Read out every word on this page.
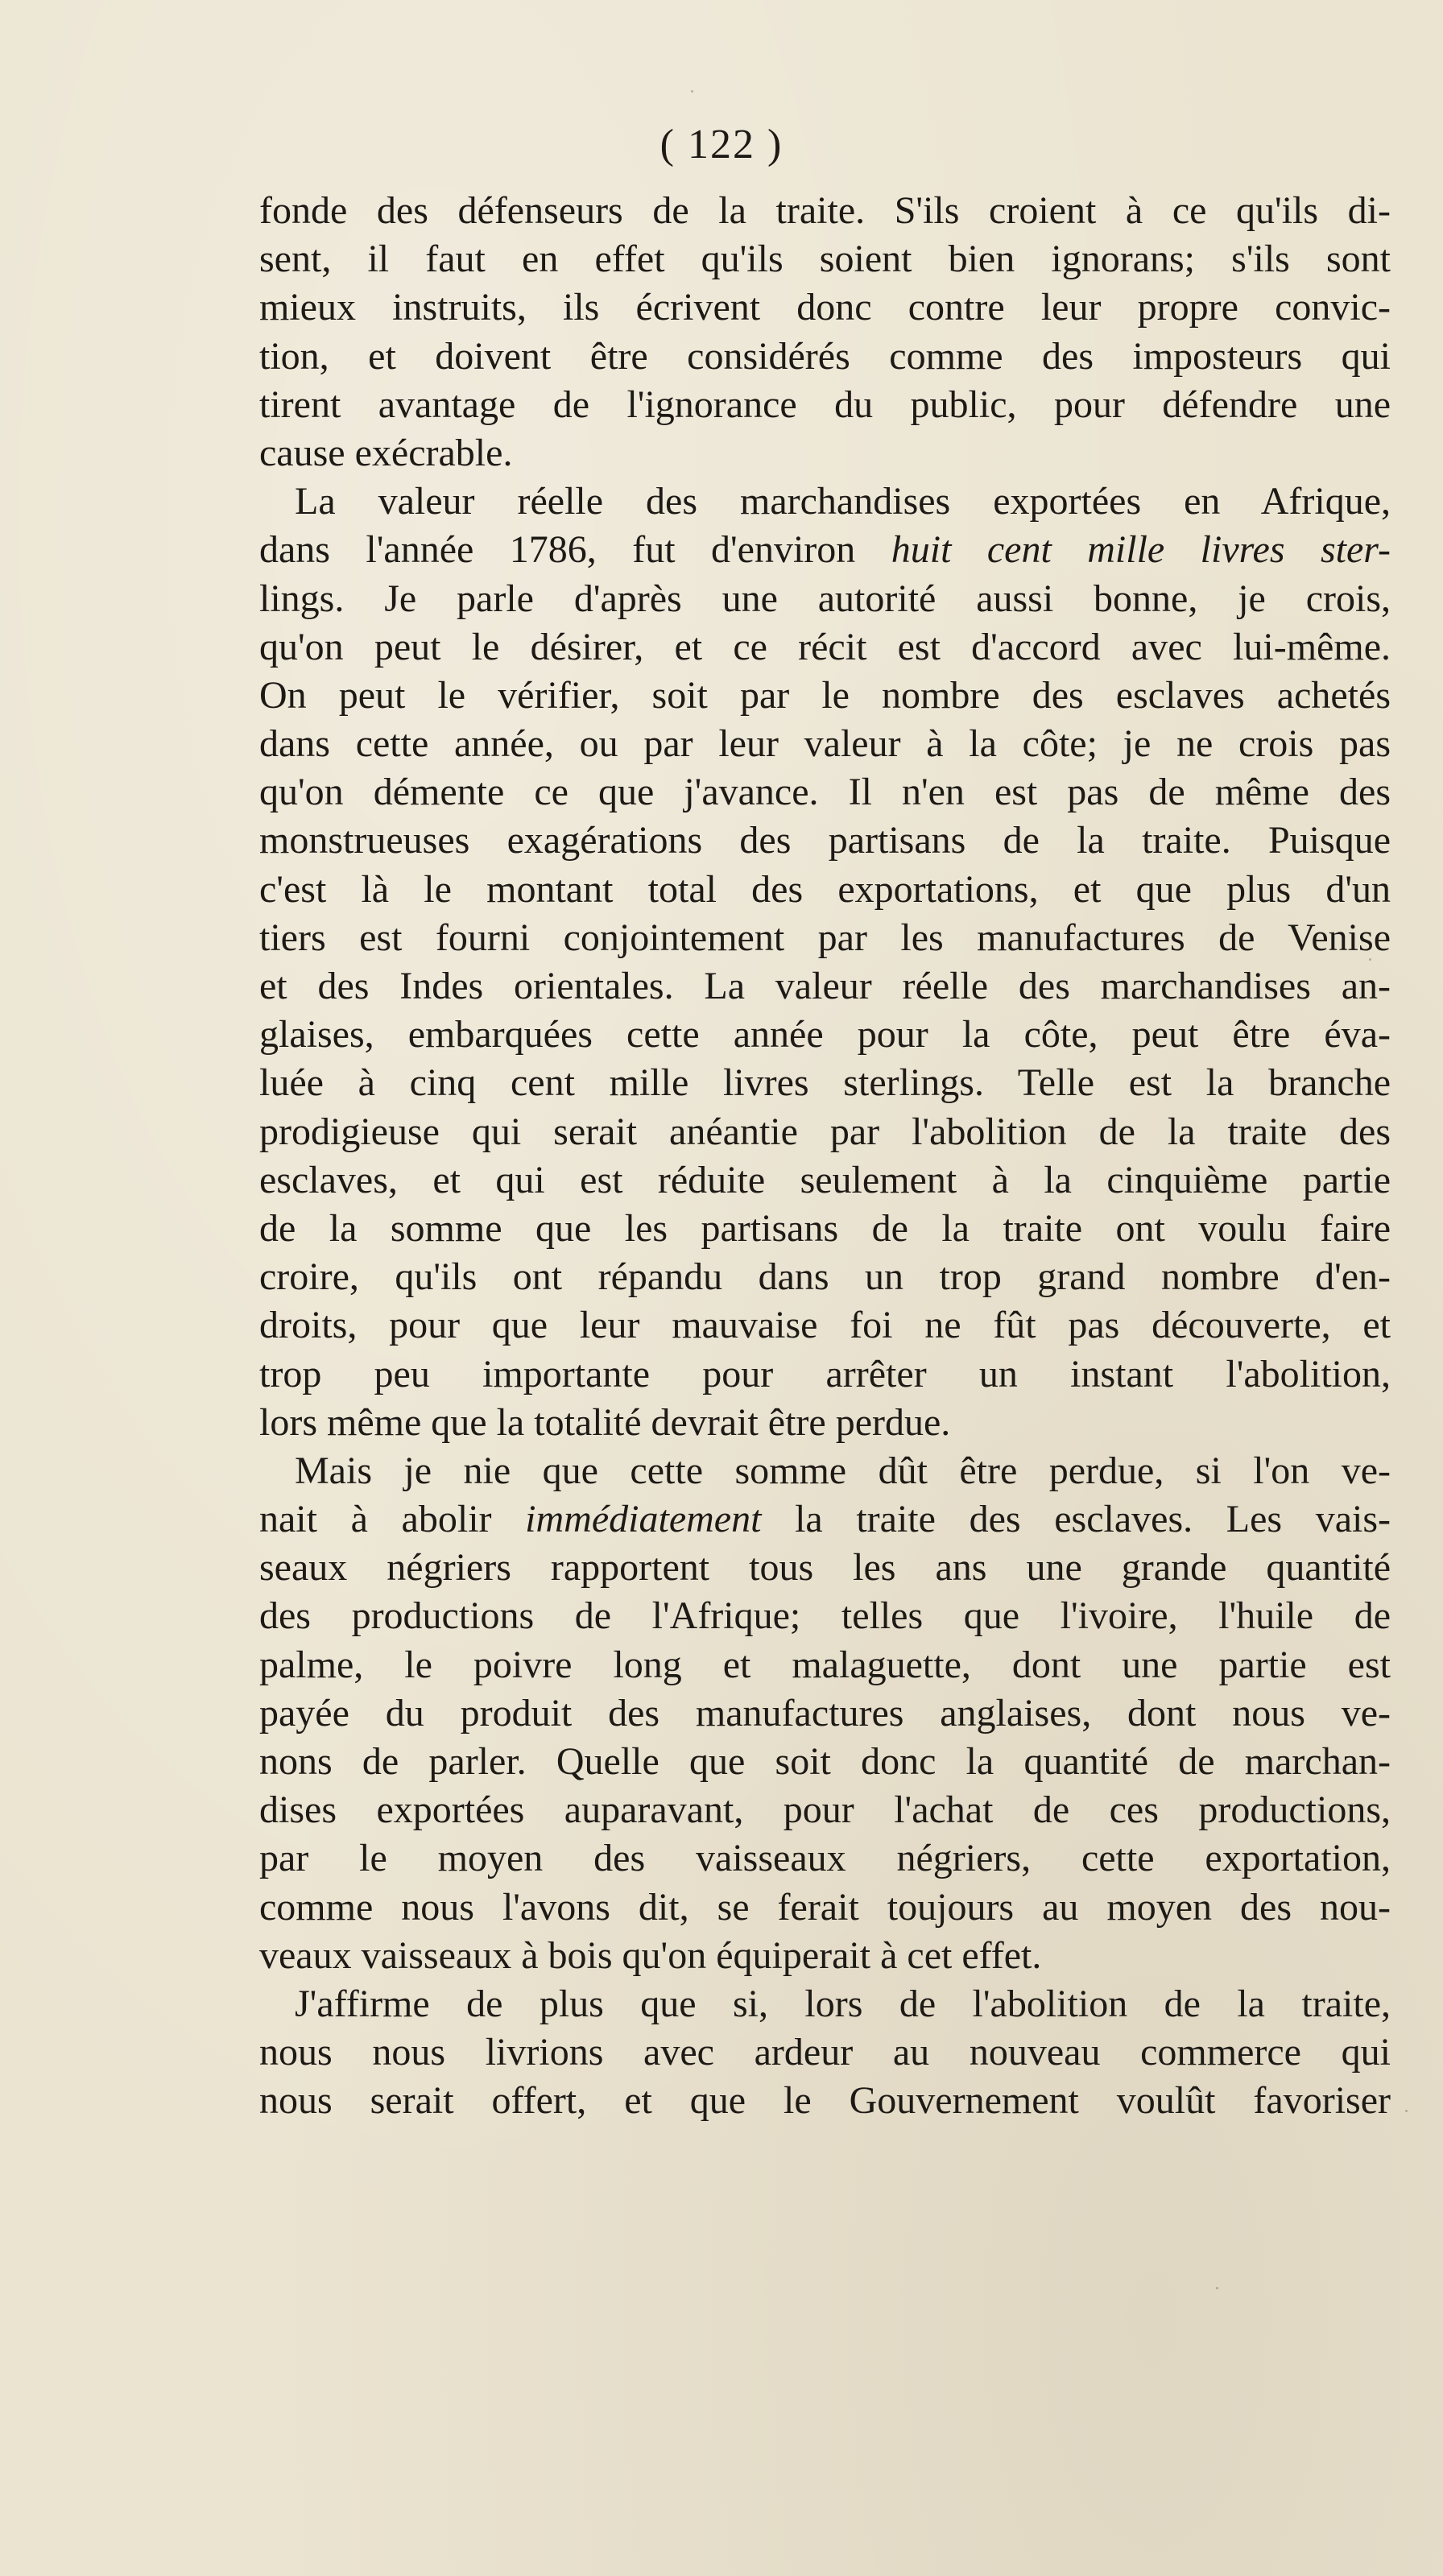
( 122 )
fonde des défenseurs de la traite. S'ils croient à ce qu'ils di-
sent, il faut en effet qu'ils soient bien ignorans; s'ils sont
mieux instruits, ils écrivent donc contre leur propre convic-
tion, et doivent être considérés comme des imposteurs qui
tirent avantage de l'ignorance du public, pour défendre une
cause exécrable.
La valeur réelle des marchandises exportées en Afrique,
dans l'année 1786, fut d'environ huit cent mille livres ster-
lings. Je parle d'après une autorité aussi bonne, je crois,
qu'on peut le désirer, et ce récit est d'accord avec lui-même.
On peut le vérifier, soit par le nombre des esclaves achetés
dans cette année, ou par leur valeur à la côte; je ne crois pas
qu'on démente ce que j'avance. Il n'en est pas de même des
monstrueuses exagérations des partisans de la traite. Puisque
c'est là le montant total des exportations, et que plus d'un
tiers est fourni conjointement par les manufactures de Venise
et des Indes orientales. La valeur réelle des marchandises an-
glaises, embarquées cette année pour la côte, peut être éva-
luée à cinq cent mille livres sterlings. Telle est la branche
prodigieuse qui serait anéantie par l'abolition de la traite des
esclaves, et qui est réduite seulement à la cinquième partie
de la somme que les partisans de la traite ont voulu faire
croire, qu'ils ont répandu dans un trop grand nombre d'en-
droits, pour que leur mauvaise foi ne fût pas découverte, et
trop peu importante pour arrêter un instant l'abolition,
lors même que la totalité devrait être perdue.
Mais je nie que cette somme dût être perdue, si l'on ve-
nait à abolir immédiatement la traite des esclaves. Les vais-
seaux négriers rapportent tous les ans une grande quantité
des productions de l'Afrique; telles que l'ivoire, l'huile de
palme, le poivre long et malaguette, dont une partie est
payée du produit des manufactures anglaises, dont nous ve-
nons de parler. Quelle que soit donc la quantité de marchan-
dises exportées auparavant, pour l'achat de ces productions,
par le moyen des vaisseaux négriers, cette exportation,
comme nous l'avons dit, se ferait toujours au moyen des nou-
veaux vaisseaux à bois qu'on équiperait à cet effet.
J'affirme de plus que si, lors de l'abolition de la traite,
nous nous livrions avec ardeur au nouveau commerce qui
nous serait offert, et que le Gouvernement voulût favoriser
